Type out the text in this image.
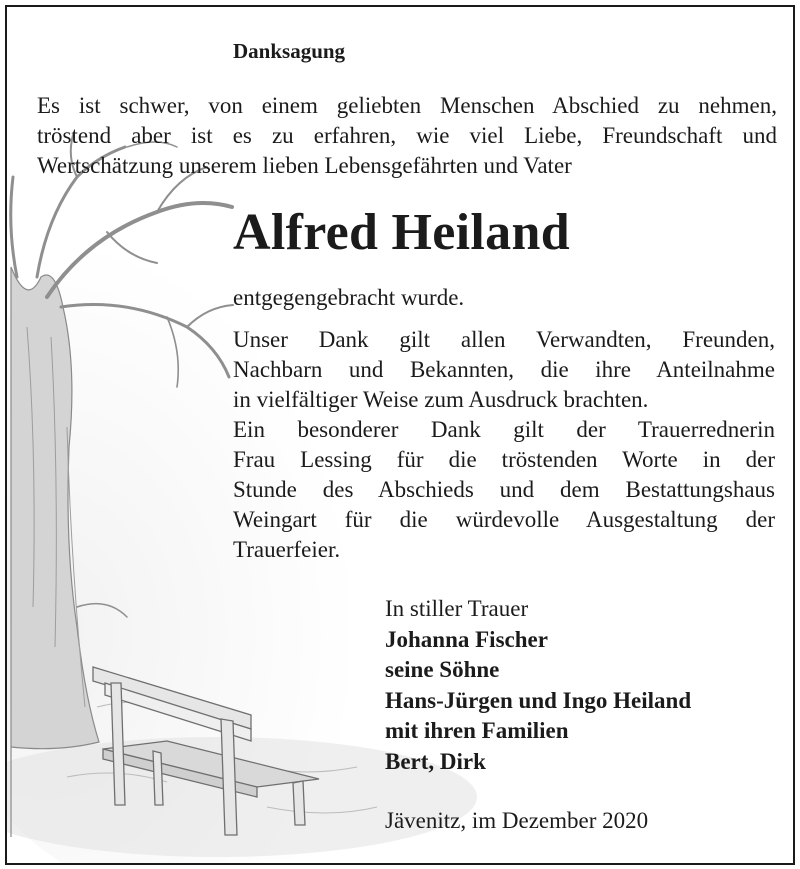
Danksagung
Es ist schwer, von einem geliebten Menschen Abschied zu nehmen,
tröstend aber ist es zu erfahren, wie viel Liebe, Freundschaft und
Wertschätzung unserem lieben Lebensgefährten und Vater
Alfred Heiland
entgegengebracht wurde.
Unser Dank gilt allen Verwandten, Freunden,
Nachbarn und Bekannten, die ihre Anteilnahme
in vielfältiger Weise zum Ausdruck brachten.
Ein besonderer Dank gilt der Trauerrednerin
Frau Lessing für die tröstenden Worte in der
Stunde des Abschieds und dem Bestattungshaus
Weingart für die würdevolle Ausgestaltung der
Trauerfeier.
In stiller Trauer
Johanna Fischer
seine Söhne
Hans-Jürgen und Ingo Heiland
mit ihren Familien
Bert, Dirk
Jävenitz, im Dezember 2020
